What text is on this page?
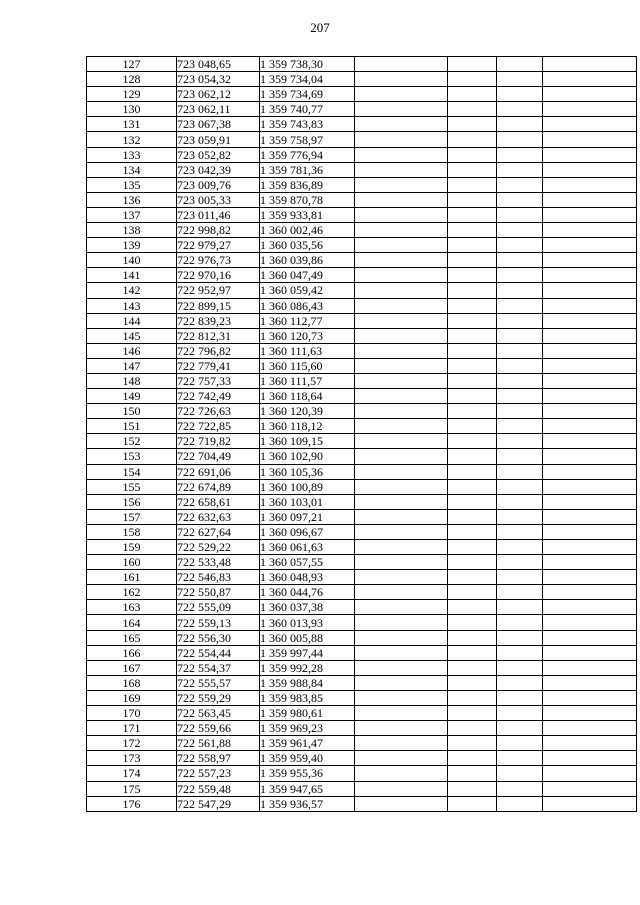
207
127	723 048,65	1 359 738,30				
128	723 054,32	1 359 734,04				
129	723 062,12	1 359 734,69				
130	723 062,11	1 359 740,77				
131	723 067,38	1 359 743,83				
132	723 059,91	1 359 758,97				
133	723 052,82	1 359 776,94				
134	723 042,39	1 359 781,36				
135	723 009,76	1 359 836,89				
136	723 005,33	1 359 870,78				
137	723 011,46	1 359 933,81				
138	722 998,82	1 360 002,46				
139	722 979,27	1 360 035,56				
140	722 976,73	1 360 039,86				
141	722 970,16	1 360 047,49				
142	722 952,97	1 360 059,42				
143	722 899,15	1 360 086,43				
144	722 839,23	1 360 112,77				
145	722 812,31	1 360 120,73				
146	722 796,82	1 360 111,63				
147	722 779,41	1 360 115,60				
148	722 757,33	1 360 111,57				
149	722 742,49	1 360 118,64				
150	722 726,63	1 360 120,39				
151	722 722,85	1 360 118,12				
152	722 719,82	1 360 109,15				
153	722 704,49	1 360 102,90				
154	722 691,06	1 360 105,36				
155	722 674,89	1 360 100,89				
156	722 658,61	1 360 103,01				
157	722 632,63	1 360 097,21				
158	722 627,64	1 360 096,67				
159	722 529,22	1 360 061,63				
160	722 533,48	1 360 057,55				
161	722 546,83	1 360 048,93				
162	722 550,87	1 360 044,76				
163	722 555,09	1 360 037,38				
164	722 559,13	1 360 013,93				
165	722 556,30	1 360 005,88				
166	722 554,44	1 359 997,44				
167	722 554,37	1 359 992,28				
168	722 555,57	1 359 988,84				
169	722 559,29	1 359 983,85				
170	722 563,45	1 359 980,61				
171	722 559,66	1 359 969,23				
172	722 561,88	1 359 961,47				
173	722 558,97	1 359 959,40				
174	722 557,23	1 359 955,36				
175	722 559,48	1 359 947,65				
176	722 547,29	1 359 936,57				
